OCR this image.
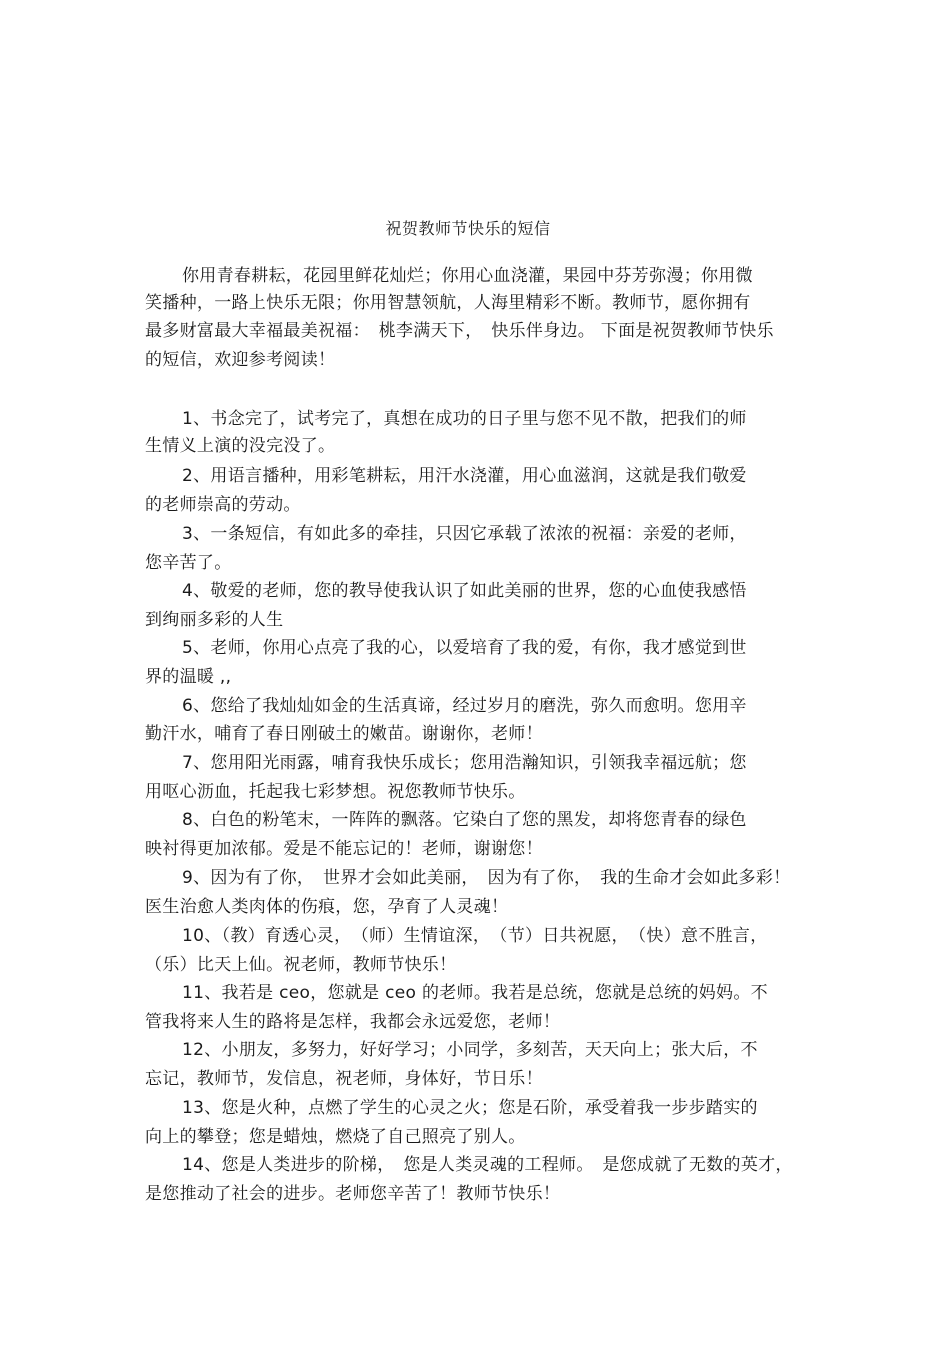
祝贺教师节快乐的短信
你用青春耕耘，花园里鲜花灿烂；你用心血浇灌，果园中芬芳弥漫；你用微
笑播种，一路上快乐无限；你用智慧领航，人海里精彩不断。教师节，愿你拥有
最多财富最大幸福最美祝福：　桃李满天下，　快乐伴身边。 下面是祝贺教师节快乐
的短信，欢迎参考阅读！
1、书念完了，试考完了，真想在成功的日子里与您不见不散，把我们的师
生情义上演的没完没了。
2、用语言播种，用彩笔耕耘，用汗水浇灌，用心血滋润，这就是我们敬爱
的老师崇高的劳动。
3、一条短信，有如此多的牵挂，只因它承载了浓浓的祝福：亲爱的老师，
您辛苦了。
4、敬爱的老师，您的教导使我认识了如此美丽的世界，您的心血使我感悟
到绚丽多彩的人生
5、老师，你用心点亮了我的心，以爱培育了我的爱，有你，我才感觉到世
界的温暖 ,,
6、您给了我灿灿如金的生活真谛，经过岁月的磨洗，弥久而愈明。您用辛
勤汗水，哺育了春日刚破土的嫩苗。谢谢你，老师！
7、您用阳光雨露，哺育我快乐成长；您用浩瀚知识，引领我幸福远航；您
用呕心沥血，托起我七彩梦想。祝您教师节快乐。
8、白色的粉笔末，一阵阵的飘落。它染白了您的黑发，却将您青春的绿色
映衬得更加浓郁。爱是不能忘记的！老师，谢谢您！
9、因为有了你，　世界才会如此美丽，　因为有了你，　我的生命才会如此多彩！
医生治愈人类肉体的伤痕，您，孕育了人灵魂！
10、（教）育透心灵，　（师）生情谊深，　（节）日共祝愿，　（快）意不胜言，
（乐）比天上仙。祝老师，教师节快乐！
11、我若是 ceo，您就是 ceo 的老师。我若是总统，您就是总统的妈妈。不
管我将来人生的路将是怎样，我都会永远爱您，老师！
12、小朋友，多努力，好好学习；小同学，多刻苦，天天向上；张大后，不
忘记，教师节，发信息，祝老师，身体好，节日乐！
13、您是火种，点燃了学生的心灵之火；您是石阶，承受着我一步步踏实的
向上的攀登；您是蜡烛，燃烧了自己照亮了别人。
14、您是人类进步的阶梯，　您是人类灵魂的工程师。　是您成就了无数的英才，
是您推动了社会的进步。老师您辛苦了！教师节快乐！
